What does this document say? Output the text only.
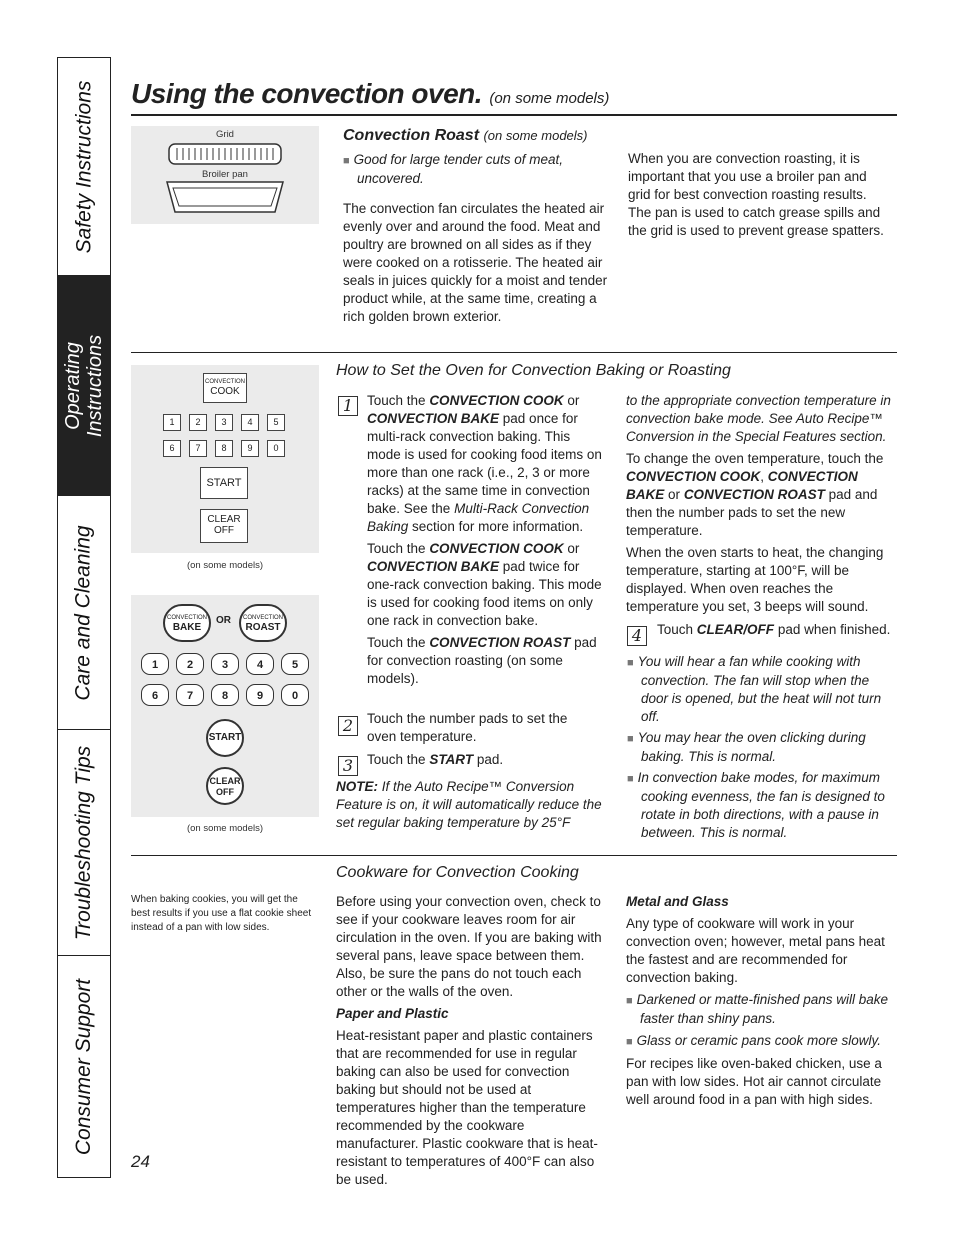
Safety Instructions
Operating Instructions
Care and Cleaning
Troubleshooting Tips
Consumer Support
Using the convection oven. (on some models)
Grid
Broiler pan
Convection Roast (on some models)

■ Good for large tender cuts of meat, uncovered.

The convection fan circulates the heated air evenly over and around the food. Meat and poultry are browned on all sides as if they were cooked on a rotisserie. The heated air seals in juices quickly for a moist and tender product while, at the same time, creating a rich golden brown exterior.

When you are convection roasting, it is important that you use a broiler pan and grid for best convection roasting results. The pan is used to catch grease spills and the grid is used to prevent grease spatters.

How to Set the Oven for Convection Baking or Roasting
CONVECTION
COOK
1	2	3	4	5
6	7	8	9	0
START
CLEAR
OFF
(on some models)
CONVECTION
BAKE
OR	CONVECTION
ROAST
1	2	3	4	5
6	7	8	9	0
START
CLEAR
OFF
(on some models)
1	Touch the CONVECTION COOK or CONVECTION BAKE pad once for multi-rack convection baking. This mode is used for cooking food items on more than one rack (i.e., 2, 3 or more racks) at the same time in convection bake. See the Multi-Rack Convection Baking section for more information.

Touch the CONVECTION COOK or CONVECTION BAKE pad twice for one-rack convection baking. This mode is used for cooking food items on only one rack in convection bake.

Touch the CONVECTION ROAST pad for convection roasting (on some models).

2	Touch the number pads to set the oven temperature.

3	Touch the START pad.

NOTE: If the Auto Recipe™ Conversion Feature is on, it will automatically reduce the set regular baking temperature by 25°F

to the appropriate convection temperature in convection bake mode. See Auto Recipe™ Conversion in the Special Features section.

To change the oven temperature, touch the CONVECTION COOK, CONVECTION BAKE or CONVECTION ROAST pad and then the number pads to set the new temperature.

When the oven starts to heat, the changing temperature, starting at 100°F, will be displayed. When oven reaches the temperature you set, 3 beeps will sound.

4	Touch CLEAR/OFF pad when finished.

■ You will hear a fan while cooking with convection. The fan will stop when the door is opened, but the heat will not turn off.

■ You may hear the oven clicking during baking. This is normal.

■ In convection bake modes, for maximum cooking evenness, the fan is designed to rotate in both directions, with a pause in between. This is normal.

Cookware for Convection Cooking

When baking cookies, you will get the best results if you use a flat cookie sheet instead of a pan with low sides.

Before using your convection oven, check to see if your cookware leaves room for air circulation in the oven. If you are baking with several pans, leave space between them. Also, be sure the pans do not touch each other or the walls of the oven.

Paper and Plastic

Heat-resistant paper and plastic containers that are recommended for use in regular baking can also be used for convection baking but should not be used at temperatures higher than the temperature recommended by the cookware manufacturer. Plastic cookware that is heat-resistant to temperatures of 400°F can also be used.

Metal and Glass

Any type of cookware will work in your convection oven; however, metal pans heat the fastest and are recommended for convection baking.

■ Darkened or matte-finished pans will bake faster than shiny pans.

■ Glass or ceramic pans cook more slowly.

For recipes like oven-baked chicken, use a pan with low sides. Hot air cannot circulate well around food in a pan with high sides.

24
